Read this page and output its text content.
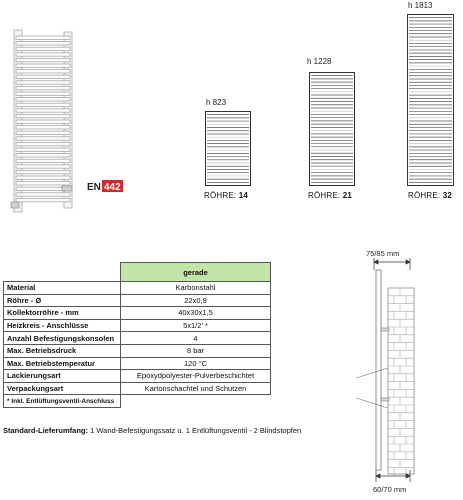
EN 442
h 823
RÖHRE: 14
h 1228
RÖHRE: 21
h 1813
RÖHRE: 32
	gerade
Material	Karbonstahl
Röhre - Ø	22x0,9
Kollektorröhre - mm	40x30x1,5
Heizkreis - Anschlüsse	5x1/2' *
Anzahl Befestigungskonsolen	4
Max. Betriebsdruck	8 bar
Max. Betriebstemperatur	120 °C
Lackierungsart	Epoxydpolyester-Pulverbeschichtet
Verpackungsart	Kartonschachtel und Schutzen
* Inkl. Entlüftungsventil-Anschluss	
Standard-Lieferumfang: 1 Wand-Befestigungssatz u. 1 Entlüftungsventil - 2 Blindstopfen
75/85 mm
60/70 mm
